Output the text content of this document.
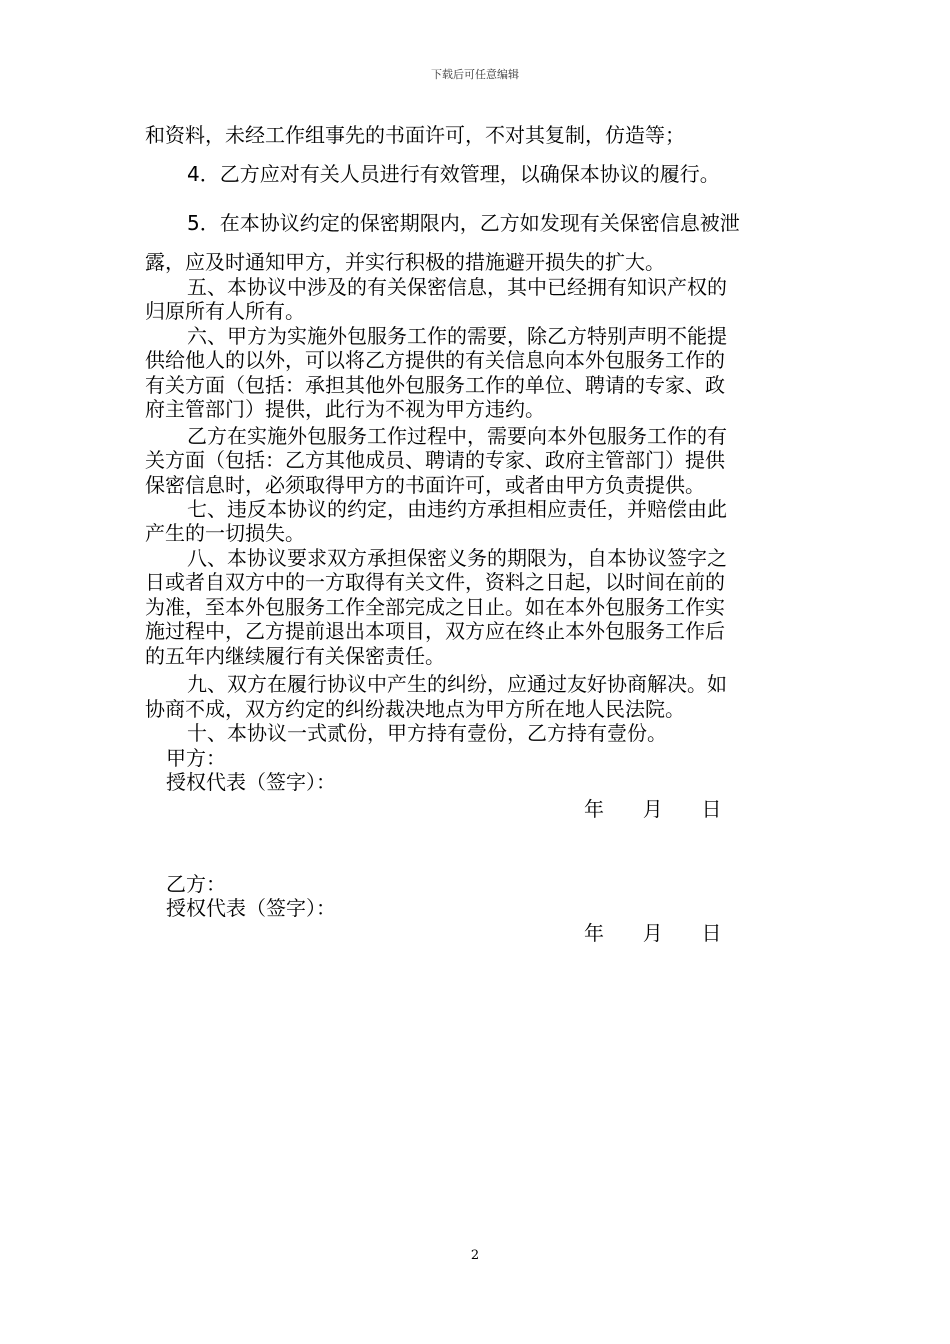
下载后可任意编辑
和资料，未经工作组事先的书面许可，不对其复制，仿造等；
4．乙方应对有关人员进行有效管理，以确保本协议的履行。
5．在本协议约定的保密期限内，乙方如发现有关保密信息被泄
露，应及时通知甲方，并实行积极的措施避开损失的扩大。
五、本协议中涉及的有关保密信息，其中已经拥有知识产权的
归原所有人所有。
六、甲方为实施外包服务工作的需要，除乙方特别声明不能提
供给他人的以外，可以将乙方提供的有关信息向本外包服务工作的
有关方面（包括：承担其他外包服务工作的单位、聘请的专家、政
府主管部门）提供，此行为不视为甲方违约。
乙方在实施外包服务工作过程中，需要向本外包服务工作的有
关方面（包括：乙方其他成员、聘请的专家、政府主管部门）提供
保密信息时，必须取得甲方的书面许可，或者由甲方负责提供。
七、违反本协议的约定，由违约方承担相应责任，并赔偿由此
产生的一切损失。
八、本协议要求双方承担保密义务的期限为，自本协议签字之
日或者自双方中的一方取得有关文件，资料之日起，以时间在前的
为准，至本外包服务工作全部完成之日止。如在本外包服务工作实
施过程中，乙方提前退出本项目，双方应在终止本外包服务工作后
的五年内继续履行有关保密责任。
九、双方在履行协议中产生的纠纷，应通过友好协商解决。如
协商不成，双方约定的纠纷裁决地点为甲方所在地人民法院。
十、本协议一式贰份，甲方持有壹份，乙方持有壹份。
甲方：
授权代表（签字）：
年 月 日
乙方：
授权代表（签字）：
年 月 日
2
